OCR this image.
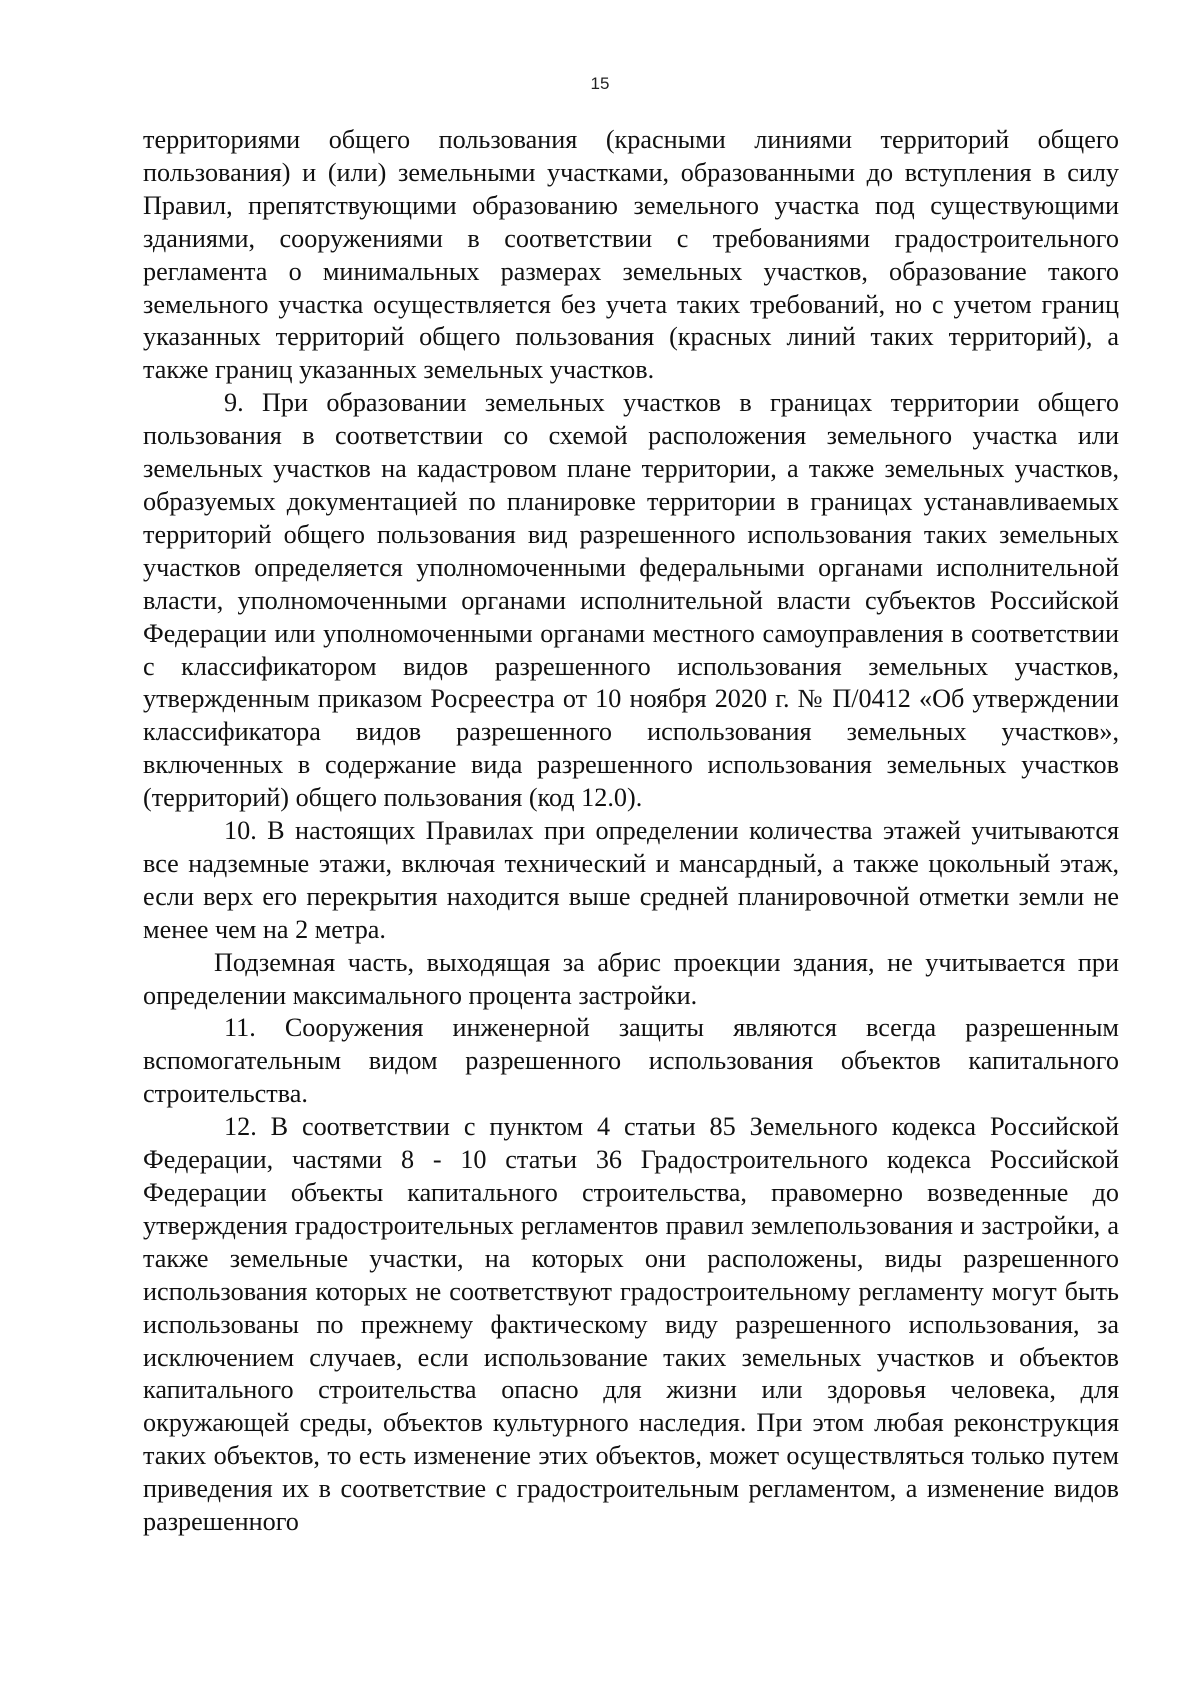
15

территориями общего пользования (красными линиями территорий общего пользования) и (или) земельными участками, образованными до вступления в силу Правил, препятствующими образованию земельного участка под существующими зданиями, сооружениями в соответствии с требованиями градостроительного регламента о минимальных размерах земельных участков, образование такого земельного участка осуществляется без учета таких требований, но с учетом границ указанных территорий общего пользования (красных линий таких территорий), а также границ указанных земельных участков.

9. При образовании земельных участков в границах территории общего пользования в соответствии со схемой расположения земельного участка или земельных участков на кадастровом плане территории, а также земельных участков, образуемых документацией по планировке территории в границах устанавливаемых территорий общего пользования вид разрешенного использования таких земельных участков определяется уполномоченными федеральными органами исполнительной власти, уполномоченными органами исполнительной власти субъектов Российской Федерации или уполномоченными органами местного самоуправления в соответствии с классификатором видов разрешенного использования земельных участков, утвержденным приказом Росреестра от 10 ноября 2020 г. № П/0412 «Об утверждении классификатора видов разрешенного использования земельных участков», включенных в содержание вида разрешенного использования земельных участков (территорий) общего пользования (код 12.0).

10. В настоящих Правилах при определении количества этажей учитываются все надземные этажи, включая технический и мансардный, а также цокольный этаж, если верх его перекрытия находится выше средней планировочной отметки земли не менее чем на 2 метра.

Подземная часть, выходящая за абрис проекции здания, не учитывается при определении максимального процента застройки.

11. Сооружения инженерной защиты являются всегда разрешенным вспомогательным видом разрешенного использования объектов капитального строительства.

12. В соответствии с пунктом 4 статьи 85 Земельного кодекса Российской Федерации, частями 8 - 10 статьи 36 Градостроительного кодекса Российской Федерации объекты капитального строительства, правомерно возведенные до утверждения градостроительных регламентов правил землепользования и застройки, а также земельные участки, на которых они расположены, виды разрешенного использования которых не соответствуют градостроительному регламенту могут быть использованы по прежнему фактическому виду разрешенного использования, за исключением случаев, если использование таких земельных участков и объектов капитального строительства опасно для жизни или здоровья человека, для окружающей среды, объектов культурного наследия. При этом любая реконструкция таких объектов, то есть изменение этих объектов, может осуществляться только путем приведения их в соответствие с градостроительным регламентом, а изменение видов разрешенного
